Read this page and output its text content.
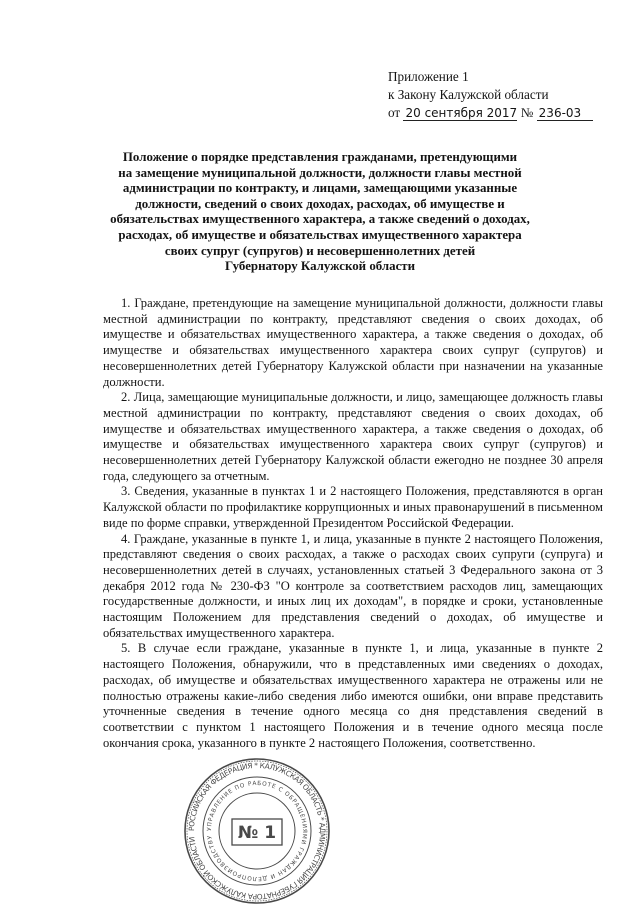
Приложение 1
к Закону Калужской области
от 20 сентября 2017 № 236-03
Положение о порядке представления гражданами, претендующими
на замещение муниципальной должности, должности главы местной
администрации по контракту, и лицами, замещающими указанные
должности, сведений о своих доходах, расходах, об имуществе и
обязательствах имущественного характера, а также сведений о доходах,
расходах, об имуществе и обязательствах имущественного характера
своих супруг (супругов) и несовершеннолетних детей
Губернатору Калужской области

1. Граждане, претендующие на замещение муниципальной должности, должности главы местной администрации по контракту, представляют сведения о своих доходах, об имуществе и обязательствах имущественного характера, а также сведения о доходах, об имуществе и обязательствах имущественного характера своих супруг (супругов) и несовершеннолетних детей Губернатору Калужской области при назначении на указанные должности.

2. Лица, замещающие муниципальные должности, и лицо, замещающее должность главы местной администрации по контракту, представляют сведения о своих доходах, об имуществе и обязательствах имущественного характера, а также сведения о доходах, об имуществе и обязательствах имущественного характера своих супруг (супругов) и несовершеннолетних детей Губернатору Калужской области ежегодно не позднее 30 апреля года, следующего за отчетным.

3. Сведения, указанные в пунктах 1 и 2 настоящего Положения, представляются в орган Калужской области по профилактике коррупционных и иных правонарушений в письменном виде по форме справки, утвержденной Президентом Российской Федерации.

4. Граждане, указанные в пункте 1, и лица, указанные в пункте 2 настоящего Положения, представляют сведения о своих расходах, а также о расходах своих супруги (супруга) и несовершеннолетних детей в случаях, установленных статьей 3 Федерального закона от 3 декабря 2012 года № 230-ФЗ "О контроле за соответствием расходов лиц, замещающих государственные должности, и иных лиц их доходам", в порядке и сроки, установленные настоящим Положением для представления сведений о доходах, об имуществе и обязательствах имущественного характера.

5. В случае если граждане, указанные в пункте 1, и лица, указанные в пункте 2 настоящего Положения, обнаружили, что в представленных ими сведениях о доходах, расходах, об имуществе и обязательствах имущественного характера не отражены или не полностью отражены какие-либо сведения либо имеются ошибки, они вправе представить уточненные сведения в течение одного месяца со дня представления сведений в соответствии с пунктом 1 настоящего Положения и в течение одного месяца после окончания срока, указанного в пункте 2 настоящего Положения, соответственно.

РОССИЙСКАЯ ФЕДЕРАЦИЯ * КАЛУЖСКАЯ ОБЛАСТЬ * АДМИНИСТРАЦИЯ ГУБЕРНАТОРА КАЛУЖСКОЙ ОБЛАСТИ
УПРАВЛЕНИЕ ПО РАБОТЕ С ОБРАЩЕНИЯМИ ГРАЖДАН И ДЕЛОПРОИЗВОДСТВУ	№ 1
